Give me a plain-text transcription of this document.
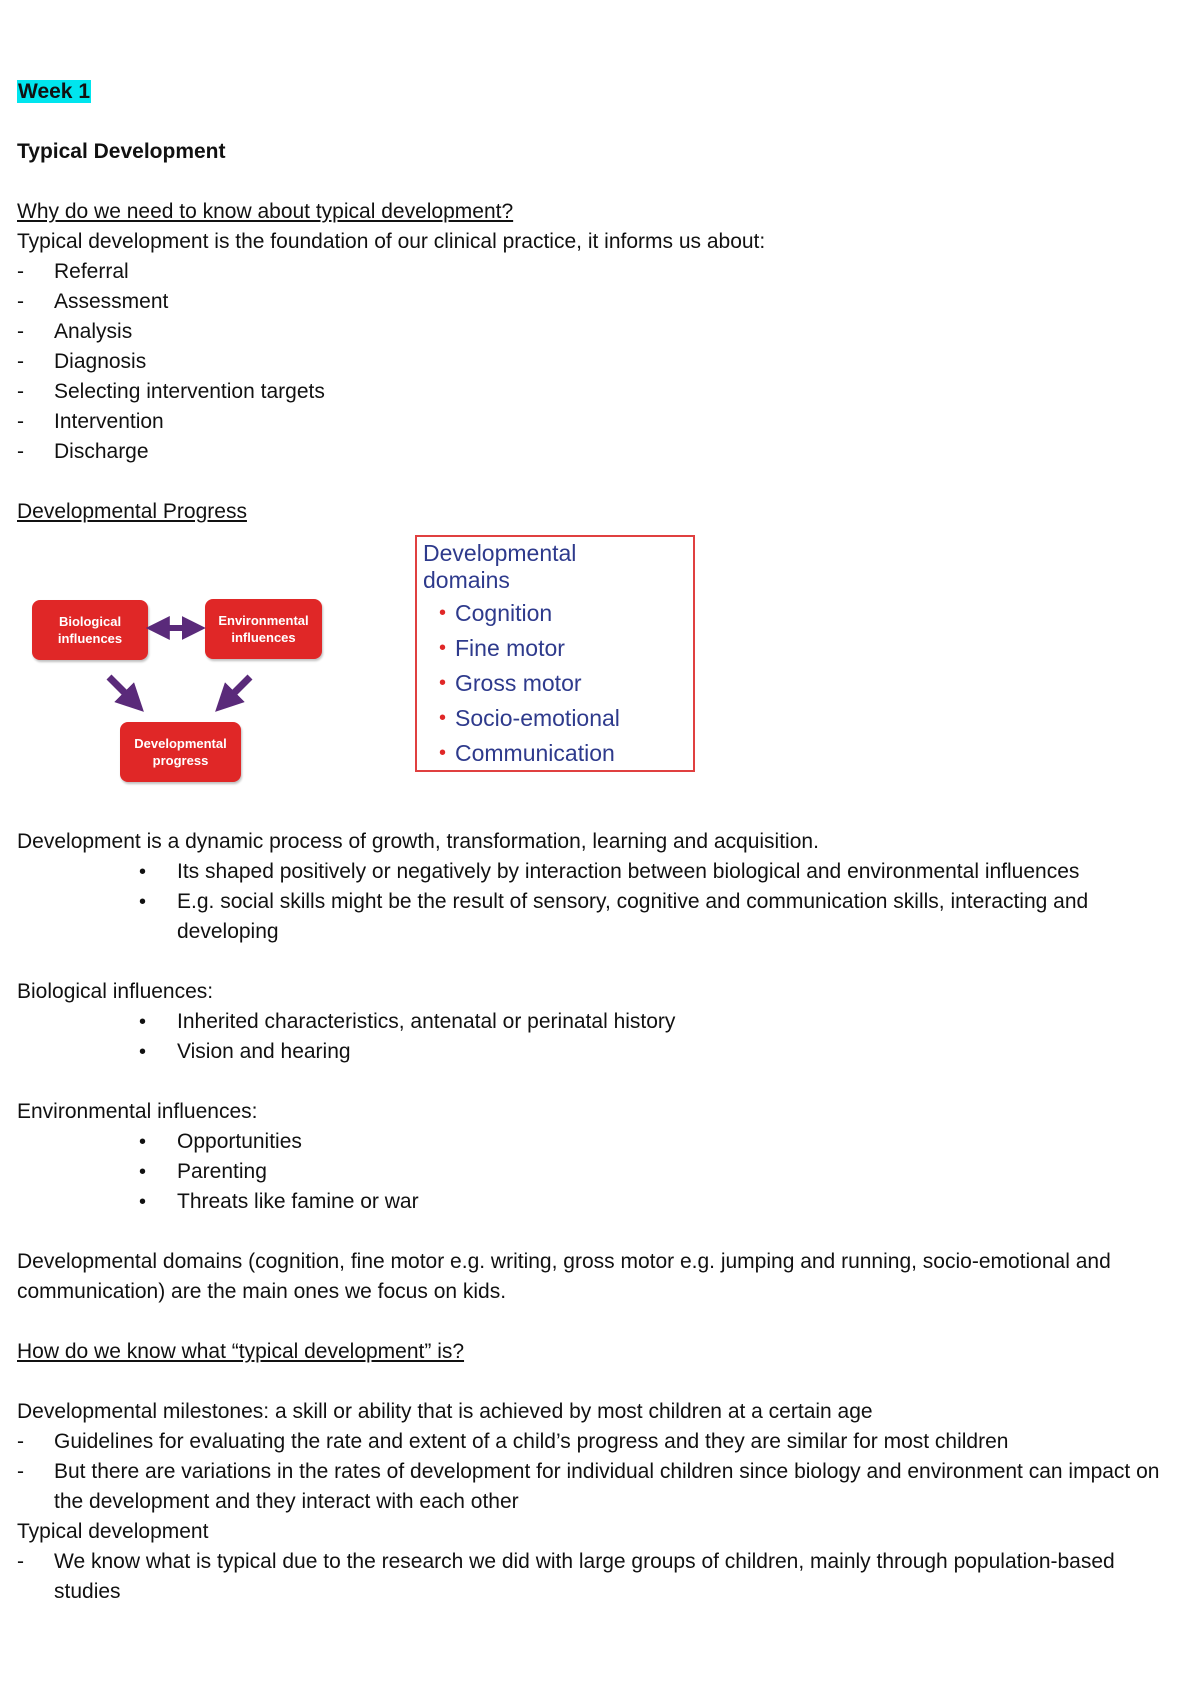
Week 1
Typical Development
Why do we need to know about typical development?
Typical development is the foundation of our clinical practice, it informs us about:
-	Referral
-	Assessment
-	Analysis
-	Diagnosis
-	Selecting intervention targets
-	Intervention
-	Discharge
Developmental Progress
Biological influences
Environmental influences
Developmental progress
Developmental
domains
• Cognition
• Fine motor
• Gross motor
• Socio-emotional
• Communication
Development is a dynamic process of growth, transformation, learning and acquisition.
•	Its shaped positively or negatively by interaction between biological and environmental influences
•	E.g. social skills might be the result of sensory, cognitive and communication skills, interacting and developing
Biological influences:
•	Inherited characteristics, antenatal or perinatal history
•	Vision and hearing
Environmental influences:
•	Opportunities
•	Parenting
•	Threats like famine or war
Developmental domains (cognition, fine motor e.g. writing, gross motor e.g. jumping and running, socio-emotional and communication) are the main ones we focus on kids.
How do we know what “typical development” is?
Developmental milestones: a skill or ability that is achieved by most children at a certain age
-	Guidelines for evaluating the rate and extent of a child’s progress and they are similar for most children
-	But there are variations in the rates of development for individual children since biology and environment can impact on the development and they interact with each other
Typical development
-	We know what is typical due to the research we did with large groups of children, mainly through population-based studies
